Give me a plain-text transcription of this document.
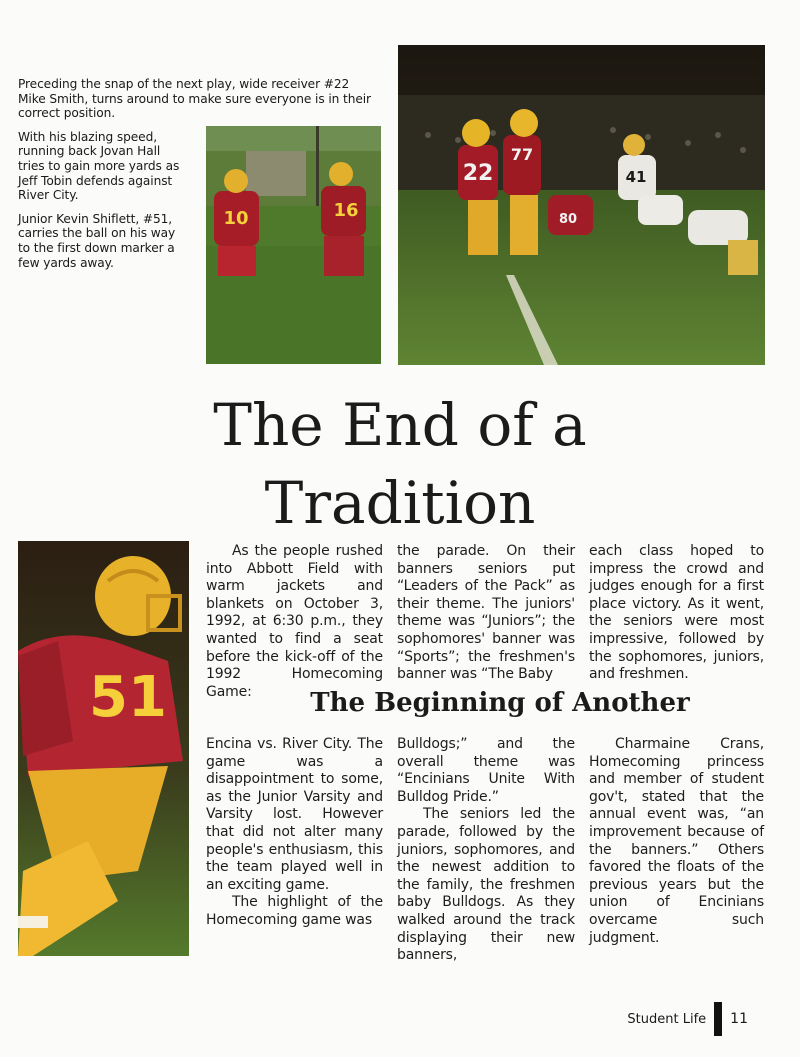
Preceding the snap of the next play, wide receiver #22 Mike Smith, turns around to make sure everyone is in their correct position.

With his blazing speed, running back Jovan Hall tries to gain more yards as Jeff Tobin defends against River City.

Junior Kevin Shiflett, #51, carries the ball on his way to the first down marker a few yards away.

22
77
80
41
10	16
The End of a
Tradition
51

As the people rushed into Abbott Field with warm jackets and blankets on October 3, 1992, at 6:30 p.m., they wanted to find a seat before the kick-off of the 1992 Homecoming Game:

the parade. On their banners seniors put “Leaders of the Pack” as their theme. The juniors' theme was “Juniors”; the sophomores' banner was “Sports”; the freshmen's banner was “The Baby

each class hoped to impress the crowd and judges enough for a first place victory. As it went, the seniors were most impressive, followed by the sophomores, juniors, and freshmen.

The Beginning of Another

Encina vs. River City. The game was a disappointment to some, as the Junior Varsity and Varsity lost. However that did not alter many people's enthusiasm, this the team played well in an exciting game.

The highlight of the Homecoming game was

Bulldogs;” and the overall theme was “Encinians Unite With Bulldog Pride.”

The seniors led the parade, followed by the juniors, sophomores, and the newest addition to the family, the freshmen baby Bulldogs. As they walked around the track displaying their new banners,

Charmaine Crans, Homecoming princess and member of student gov't, stated that the annual event was, “an improvement because of the banners.” Others favored the floats of the previous years but the union of Encinians overcame such judgment.

Student Life 11
